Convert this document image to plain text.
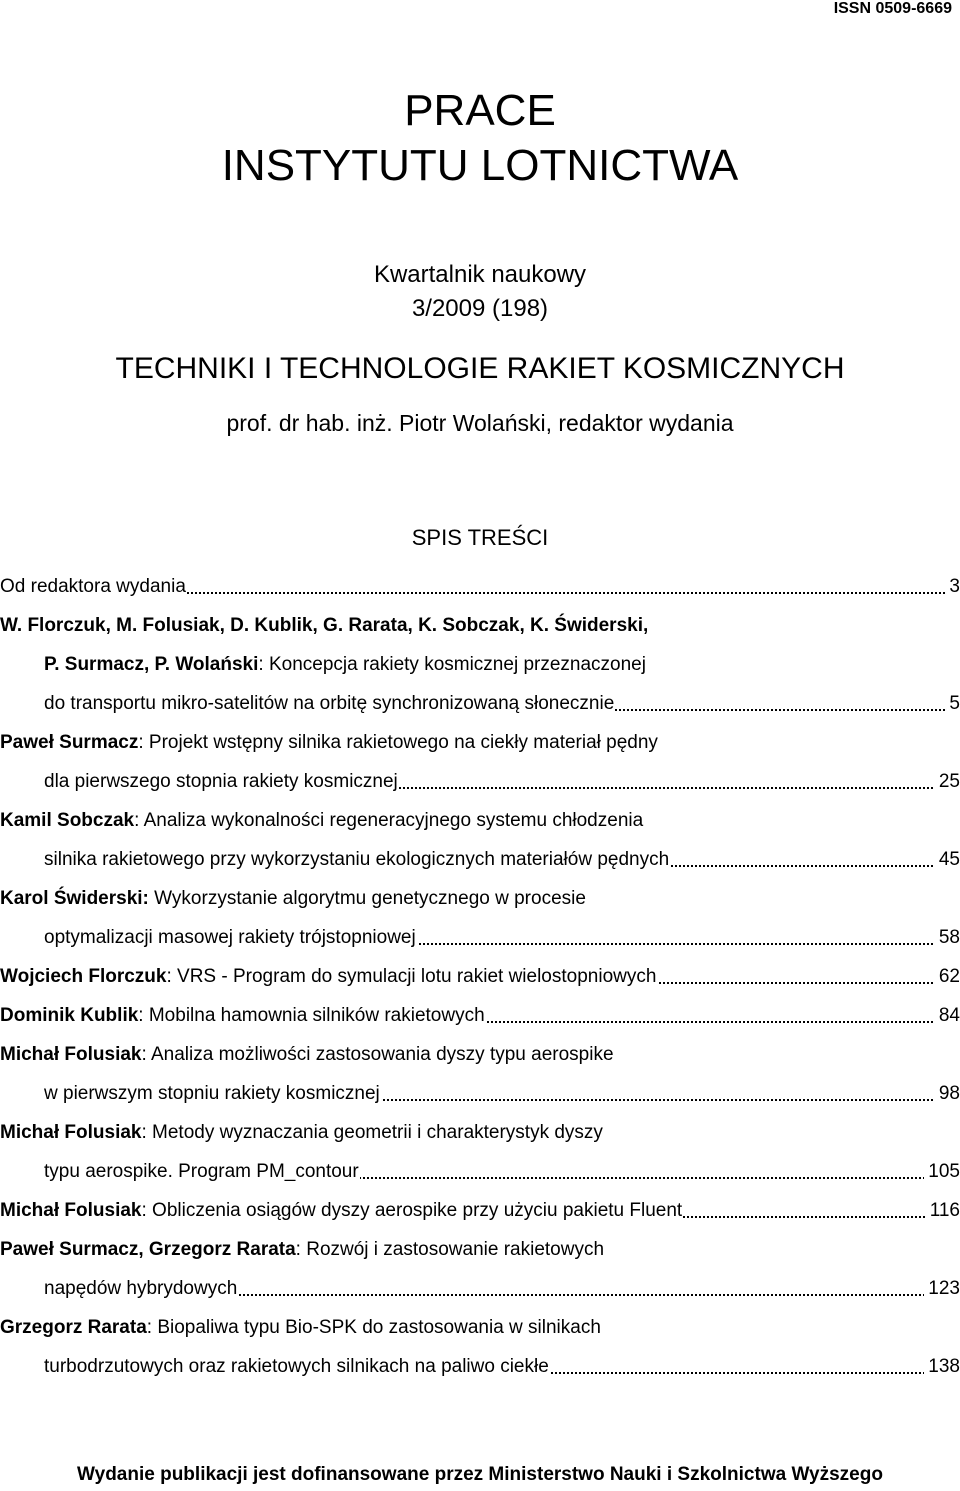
ISSN 0509-6669
PRACE
INSTYTUTU LOTNICTWA
Kwartalnik naukowy
3/2009 (198)
TECHNIKI I TECHNOLOGIE RAKIET KOSMICZNYCH
prof. dr hab. inż. Piotr Wolański, redaktor wydania
SPIS TREŚCI
Od redaktora wydania	3
W. Florczuk, M. Folusiak, D. Kublik, G. Rarata, K. Sobczak, K. Świderski,
P. Surmacz, P. Wolański: Koncepcja rakiety kosmicznej przeznaczonej
do transportu mikro-satelitów na orbitę synchronizowaną słonecznie	5
Paweł Surmacz: Projekt wstępny silnika rakietowego na ciekły materiał pędny
dla pierwszego stopnia rakiety kosmicznej	25
Kamil Sobczak: Analiza wykonalności regeneracyjnego systemu chłodzenia
silnika rakietowego przy wykorzystaniu ekologicznych materiałów pędnych	45
Karol Świderski: Wykorzystanie algorytmu genetycznego w procesie
optymalizacji masowej rakiety trójstopniowej	58
Wojciech Florczuk: VRS - Program do symulacji lotu rakiet wielostopniowych	62
Dominik Kublik: Mobilna hamownia silników rakietowych	84
Michał Folusiak: Analiza możliwości zastosowania dyszy typu aerospike
w pierwszym stopniu rakiety kosmicznej	98
Michał Folusiak: Metody wyznaczania geometrii i charakterystyk dyszy
typu aerospike. Program PM_contour	105
Michał Folusiak: Obliczenia osiągów dyszy aerospike przy użyciu pakietu Fluent	116
Paweł Surmacz, Grzegorz Rarata: Rozwój i zastosowanie rakietowych
napędów hybrydowych	123
Grzegorz Rarata: Biopaliwa typu Bio-SPK do zastosowania w silnikach
turbodrzutowych oraz rakietowych silnikach na paliwo ciekłe	138
Wydanie publikacji jest dofinansowane przez Ministerstwo Nauki i Szkolnictwa Wyższego
